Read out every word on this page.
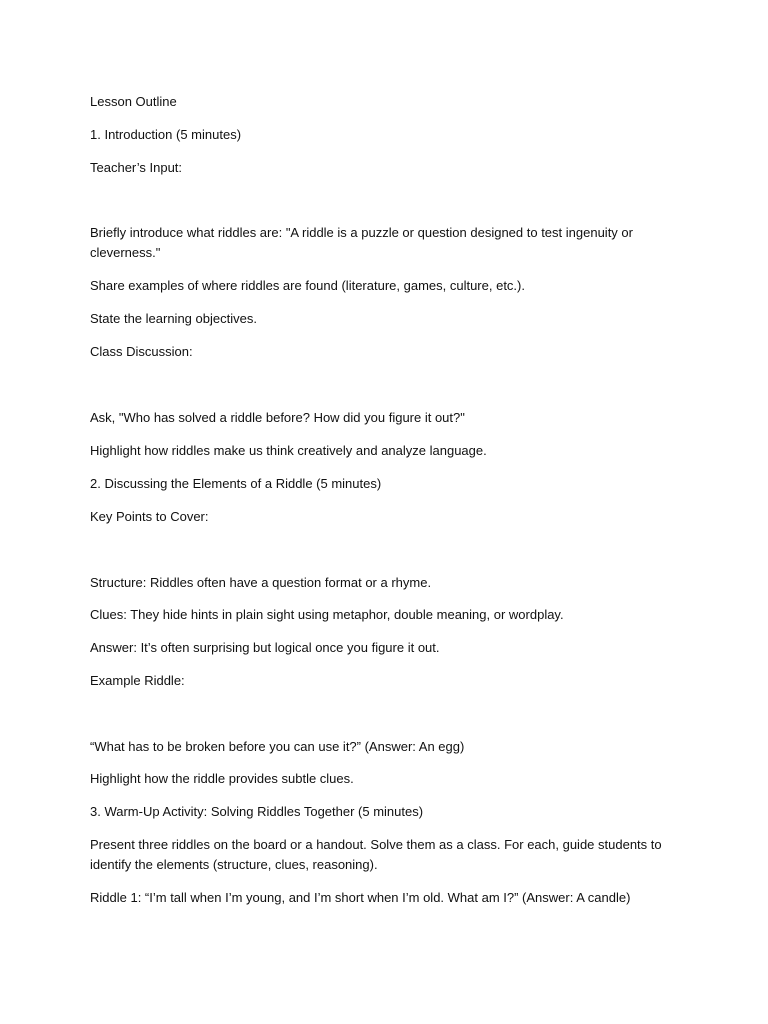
Lesson Outline

1. Introduction (5 minutes)

Teacher’s Input:

Briefly introduce what riddles are: "A riddle is a puzzle or question designed to test ingenuity or cleverness."

Share examples of where riddles are found (literature, games, culture, etc.).

State the learning objectives.

Class Discussion:

Ask, "Who has solved a riddle before? How did you figure it out?"

Highlight how riddles make us think creatively and analyze language.

2. Discussing the Elements of a Riddle (5 minutes)

Key Points to Cover:

Structure: Riddles often have a question format or a rhyme.

Clues: They hide hints in plain sight using metaphor, double meaning, or wordplay.

Answer: It’s often surprising but logical once you figure it out.

Example Riddle:

“What has to be broken before you can use it?” (Answer: An egg)

Highlight how the riddle provides subtle clues.

3. Warm-Up Activity: Solving Riddles Together (5 minutes)

Present three riddles on the board or a handout. Solve them as a class. For each, guide students to identify the elements (structure, clues, reasoning).

Riddle 1: “I’m tall when I’m young, and I’m short when I’m old. What am I?” (Answer: A candle)
